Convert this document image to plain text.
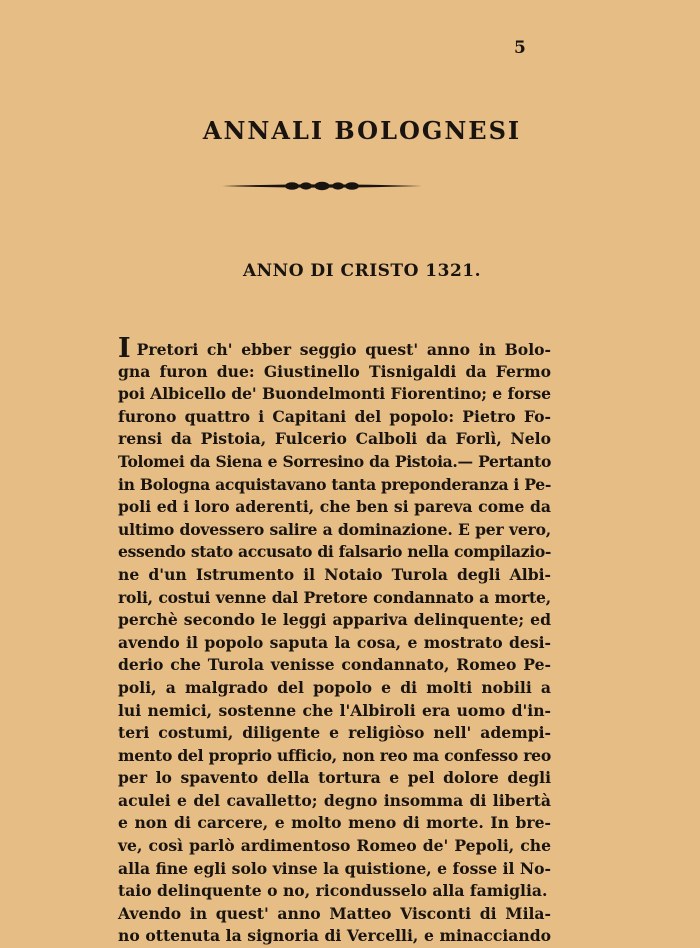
5
ANNALI BOLOGNESI
ANNO DI CRISTO 1321.
I Pretori ch' ebber seggio quest' anno in Bolo-
gna furon due: Giustinello Tisnigaldi da Fermo
poi Albicello de' Buondelmonti Fiorentino; e forse
furono quattro i Capitani del popolo: Pietro Fo-
rensi da Pistoia, Fulcerio Calboli da Forlì, Nelo
Tolomei da Siena e Sorresino da Pistoia.— Pertanto
in Bologna acquistavano tanta preponderanza i Pe-
poli ed i loro aderenti, che ben si pareva come da
ultimo dovessero salire a dominazione. E per vero,
essendo stato accusato di falsario nella compilazio-
ne d'un Istrumento il Notaio Turola degli Albi-
roli, costui venne dal Pretore condannato a morte,
perchè secondo le leggi appariva delinquente; ed
avendo il popolo saputa la cosa, e mostrato desi-
derio che Turola venisse condannato, Romeo Pe-
poli, a malgrado del popolo e di molti nobili a
lui nemici, sostenne che l'Albiroli era uomo d'in-
teri costumi, diligente e religiòso nell' adempi-
mento del proprio ufficio, non reo ma confesso reo
per lo spavento della tortura e pel dolore degli
aculei e del cavalletto; degno insomma di libertà
e non di carcere, e molto meno di morte. In bre-
ve, così parlò ardimentoso Romeo de' Pepoli, che
alla fine egli solo vinse la quistione, e fosse il No-
taio delinquente o no, ricondusselo alla famiglia.
Avendo in quest' anno Matteo Visconti di Mila-
no ottenuta la signoria di Vercelli, e minacciando
